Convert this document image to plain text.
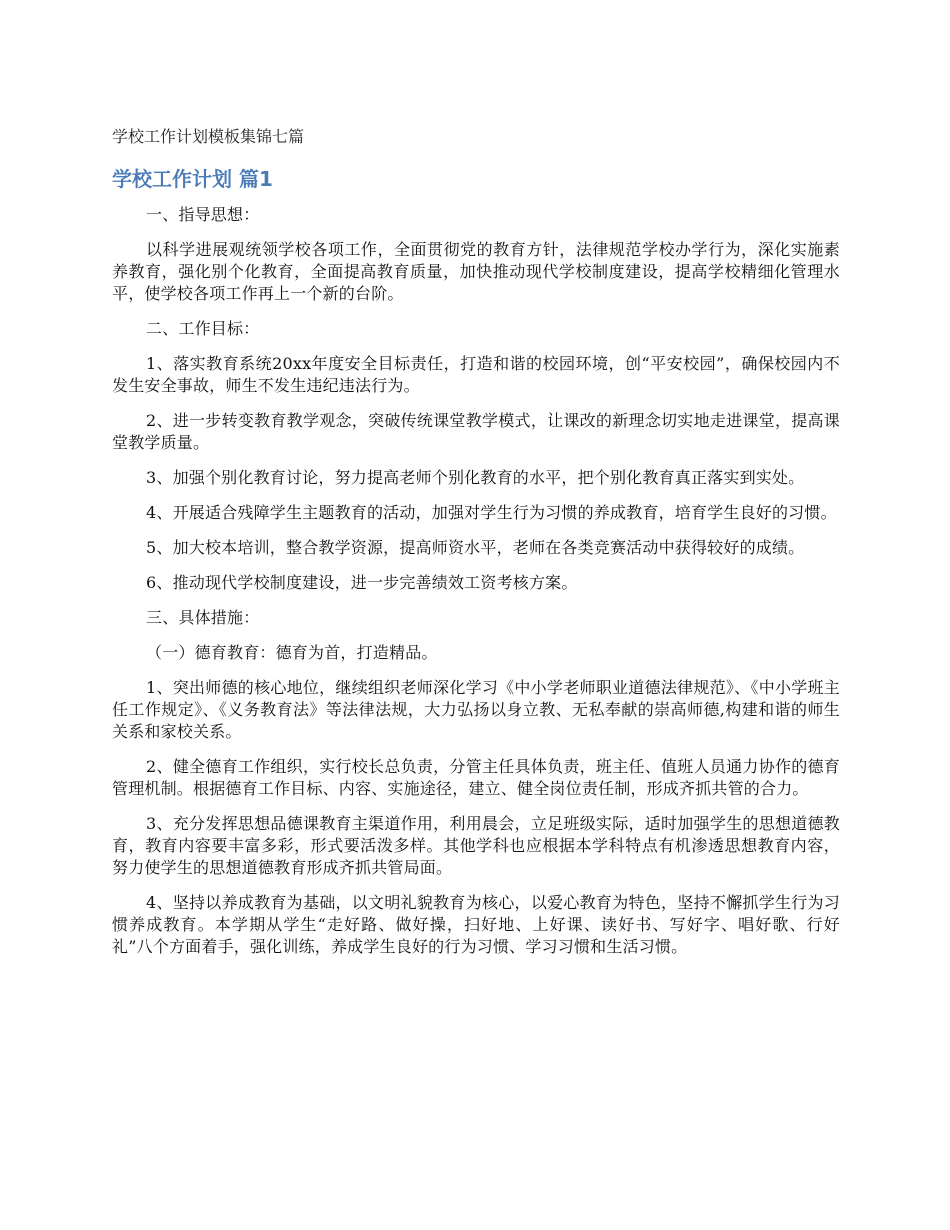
学校工作计划模板集锦七篇
学校工作计划 篇1

一、指导思想：

以科学进展观统领学校各项工作，全面贯彻党的教育方针，法律规范学校办学行为，深化实施素养教育，强化别个化教育，全面提高教育质量，加快推动现代学校制度建设，提高学校精细化管理水平，使学校各项工作再上一个新的台阶。

二、工作目标：

1、落实教育系统20xx年度安全目标责任，打造和谐的校园环境，创“平安校园”，确保校园内不发生安全事故，师生不发生违纪违法行为。

2、进一步转变教育教学观念，突破传统课堂教学模式，让课改的新理念切实地走进课堂，提高课堂教学质量。

3、加强个别化教育讨论，努力提高老师个别化教育的水平，把个别化教育真正落实到实处。

4、开展适合残障学生主题教育的活动，加强对学生行为习惯的养成教育，培育学生良好的习惯。

5、加大校本培训，整合教学资源，提高师资水平，老师在各类竞赛活动中获得较好的成绩。

6、推动现代学校制度建设，进一步完善绩效工资考核方案。

三、具体措施：

（一）德育教育：德育为首，打造精品。

1、突出师德的核心地位，继续组织老师深化学习《中小学老师职业道德法律规范》、《中小学班主任工作规定》、《义务教育法》等法律法规，大力弘扬以身立教、无私奉献的崇高师德,构建和谐的师生关系和家校关系。

2、健全德育工作组织，实行校长总负责，分管主任具体负责，班主任、值班人员通力协作的德育管理机制。根据德育工作目标、内容、实施途径，建立、健全岗位责任制，形成齐抓共管的合力。

3、充分发挥思想品德课教育主渠道作用，利用晨会，立足班级实际，适时加强学生的思想道德教育，教育内容要丰富多彩，形式要活泼多样。其他学科也应根据本学科特点有机渗透思想教育内容，努力使学生的思想道德教育形成齐抓共管局面。

4、坚持以养成教育为基础，以文明礼貌教育为核心，以爱心教育为特色，坚持不懈抓学生行为习惯养成教育。本学期从学生“走好路、做好操，扫好地、上好课、读好书、写好字、唱好歌、行好礼”八个方面着手，强化训练，养成学生良好的行为习惯、学习习惯和生活习惯。
